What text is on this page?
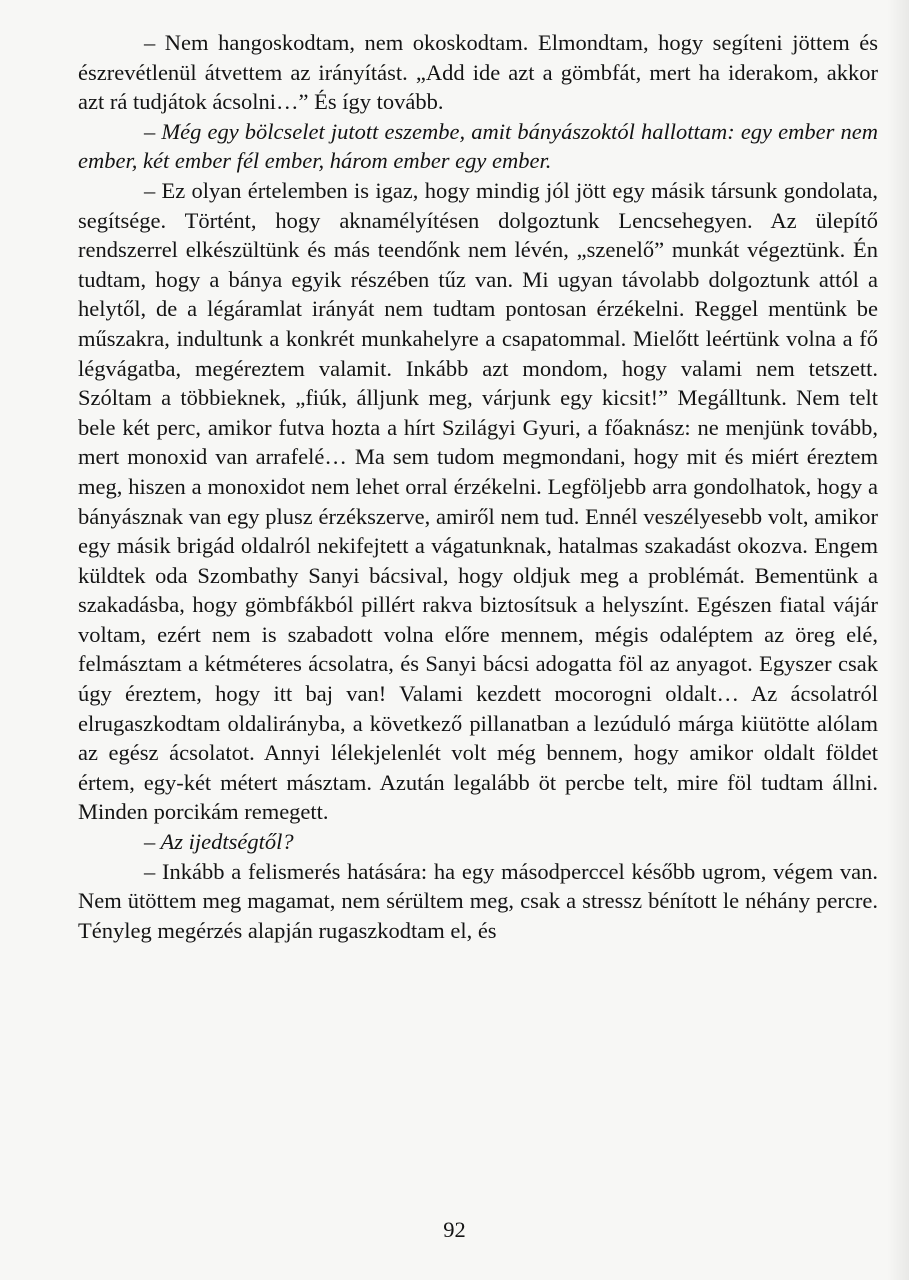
– Nem hangoskodtam, nem okoskodtam. Elmondtam, hogy segíteni jöttem és észrevétlenül átvettem az irányítást. „Add ide azt a gömbfát, mert ha iderakom, akkor azt rá tudjátok ácsolni…” És így tovább.

– Még egy bölcselet jutott eszembe, amit bányászoktól hallottam: egy ember nem ember, két ember fél ember, három ember egy ember.

– Ez olyan értelemben is igaz, hogy mindig jól jött egy másik társunk gondolata, segítsége. Történt, hogy aknamélyítésen dolgoztunk Lencsehegyen. Az ülepítő rendszerrel elkészültünk és más teendőnk nem lévén, „szenelő” munkát végeztünk. Én tudtam, hogy a bánya egyik részében tűz van. Mi ugyan távolabb dolgoztunk attól a helytől, de a légáramlat irányát nem tudtam pontosan érzékelni. Reggel mentünk be műszakra, indultunk a konkrét munkahelyre a csapatommal. Mielőtt leértünk volna a fő légvágatba, megéreztem valamit. Inkább azt mondom, hogy valami nem tetszett. Szóltam a többieknek, „fiúk, álljunk meg, várjunk egy kicsit!” Megálltunk. Nem telt bele két perc, amikor futva hozta a hírt Szilágyi Gyuri, a főaknász: ne menjünk tovább, mert monoxid van arrafelé… Ma sem tudom megmondani, hogy mit és miért éreztem meg, hiszen a monoxidot nem lehet orral érzékelni. Legföljebb arra gondolhatok, hogy a bányásznak van egy plusz érzékszerve, amiről nem tud. Ennél veszélyesebb volt, amikor egy másik brigád oldalról nekifejtett a vágatunknak, hatalmas szakadást okozva. Engem küldtek oda Szombathy Sanyi bácsival, hogy oldjuk meg a problémát. Bementünk a szakadásba, hogy gömbfákból pillért rakva biztosítsuk a helyszínt. Egészen fiatal vájár voltam, ezért nem is szabadott volna előre mennem, mégis odaléptem az öreg elé, felmásztam a kétméteres ácsolatra, és Sanyi bácsi adogatta föl az anyagot. Egyszer csak úgy éreztem, hogy itt baj van! Valami kezdett mocorogni oldalt… Az ácsolatról elrugaszkodtam oldalirányba, a következő pillanatban a lezúduló márga kiütötte alólam az egész ácsolatot. Annyi lélekjelenlét volt még bennem, hogy amikor oldalt földet értem, egy-két métert másztam. Azután legalább öt percbe telt, mire föl tudtam állni. Minden porcikám remegett.

– Az ijedtségtől?

– Inkább a felismerés hatására: ha egy másodperccel később ugrom, végem van. Nem ütöttem meg magamat, nem sérültem meg, csak a stressz bénított le néhány percre. Tényleg megérzés alapján rugaszkodtam el, és

92
